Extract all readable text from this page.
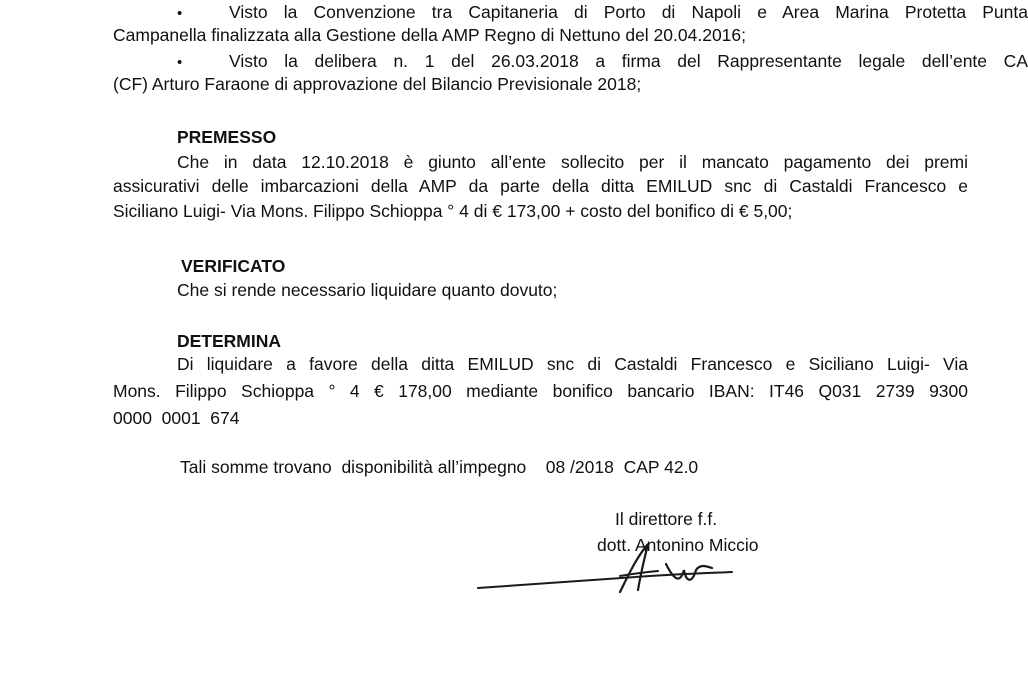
•	Visto la Convenzione tra Capitaneria di Porto di Napoli e Area Marina Protetta Punta
Campanella finalizzata alla Gestione della AMP Regno di Nettuno del 20.04.2016;
•	Visto la delibera n. 1 del 26.03.2018 a firma del Rappresentante legale dell’ente CA
(CF) Arturo Faraone di approvazione del Bilancio Previsionale 2018;
PREMESSO
Che in data 12.10.2018 è giunto all’ente sollecito per il mancato pagamento dei premi
assicurativi delle imbarcazioni della AMP da parte della ditta EMILUD snc di Castaldi Francesco e
Siciliano Luigi- Via Mons. Filippo Schioppa ° 4 di € 173,00 + costo del bonifico di € 5,00;
VERIFICATO
Che si rende necessario liquidare quanto dovuto;
DETERMINA
Di liquidare a favore della ditta EMILUD snc di Castaldi Francesco e Siciliano Luigi- Via
Mons. Filippo Schioppa ° 4 € 178,00 mediante bonifico bancario IBAN: IT46 Q031 2739 9300
0000  0001  674
Tali somme trovano  disponibilità all’impegno    08 /2018  CAP 42.0
Il direttore f.f.
dott. Antonino Miccio
